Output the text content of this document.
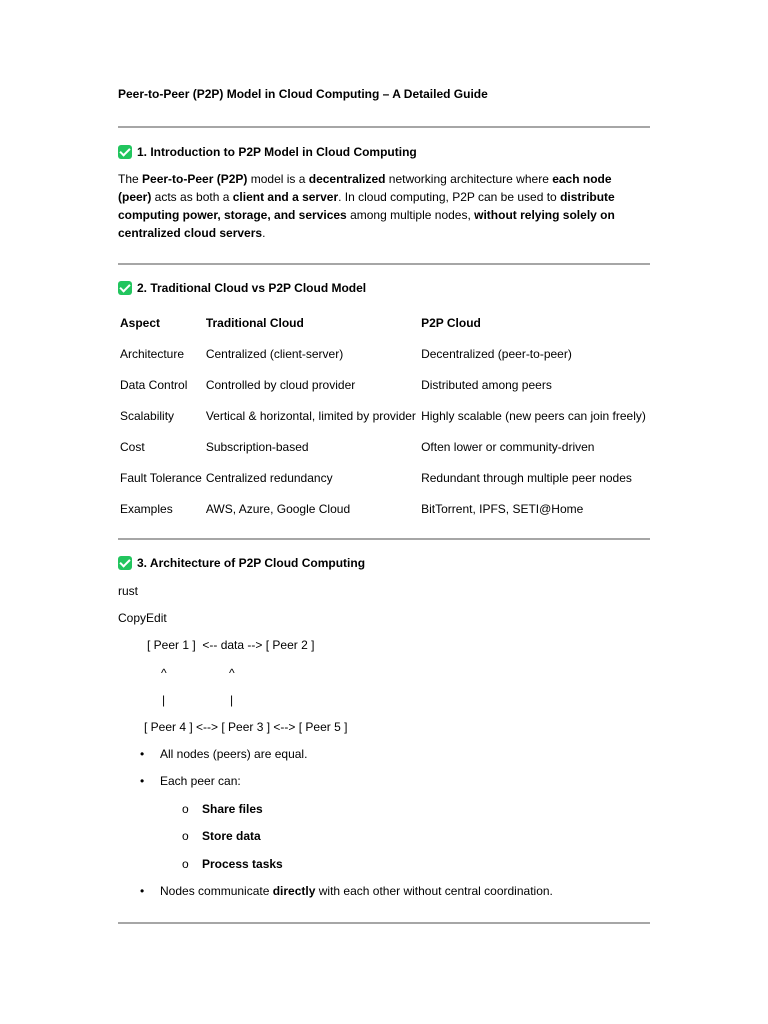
Peer-to-Peer (P2P) Model in Cloud Computing – A Detailed Guide
1. Introduction to P2P Model in Cloud Computing
The Peer-to-Peer (P2P) model is a decentralized networking architecture where each node (peer) acts as both a client and a server. In cloud computing, P2P can be used to distribute computing power, storage, and services among multiple nodes, without relying solely on centralized cloud servers.
2. Traditional Cloud vs P2P Cloud Model
Aspect	Traditional Cloud	P2P Cloud
Architecture	Centralized (client-server)	Decentralized (peer-to-peer)
Data Control	Controlled by cloud provider	Distributed among peers
Scalability	Vertical & horizontal, limited by provider	Highly scalable (new peers can join freely)
Cost	Subscription-based	Often lower or community-driven
Fault Tolerance	Centralized redundancy	Redundant through multiple peer nodes
Examples	AWS, Azure, Google Cloud	BitTorrent, IPFS, SETI@Home
3. Architecture of P2P Cloud Computing
rust
CopyEdit
[ Peer 1 ]  <-- data --> [ Peer 2 ]
^	^
|	|
[ Peer 4 ] <--> [ Peer 3 ] <--> [ Peer 5 ]
• All nodes (peers) are equal.
• Each peer can:
o Share files
o Store data
o Process tasks
• Nodes communicate directly with each other without central coordination.
